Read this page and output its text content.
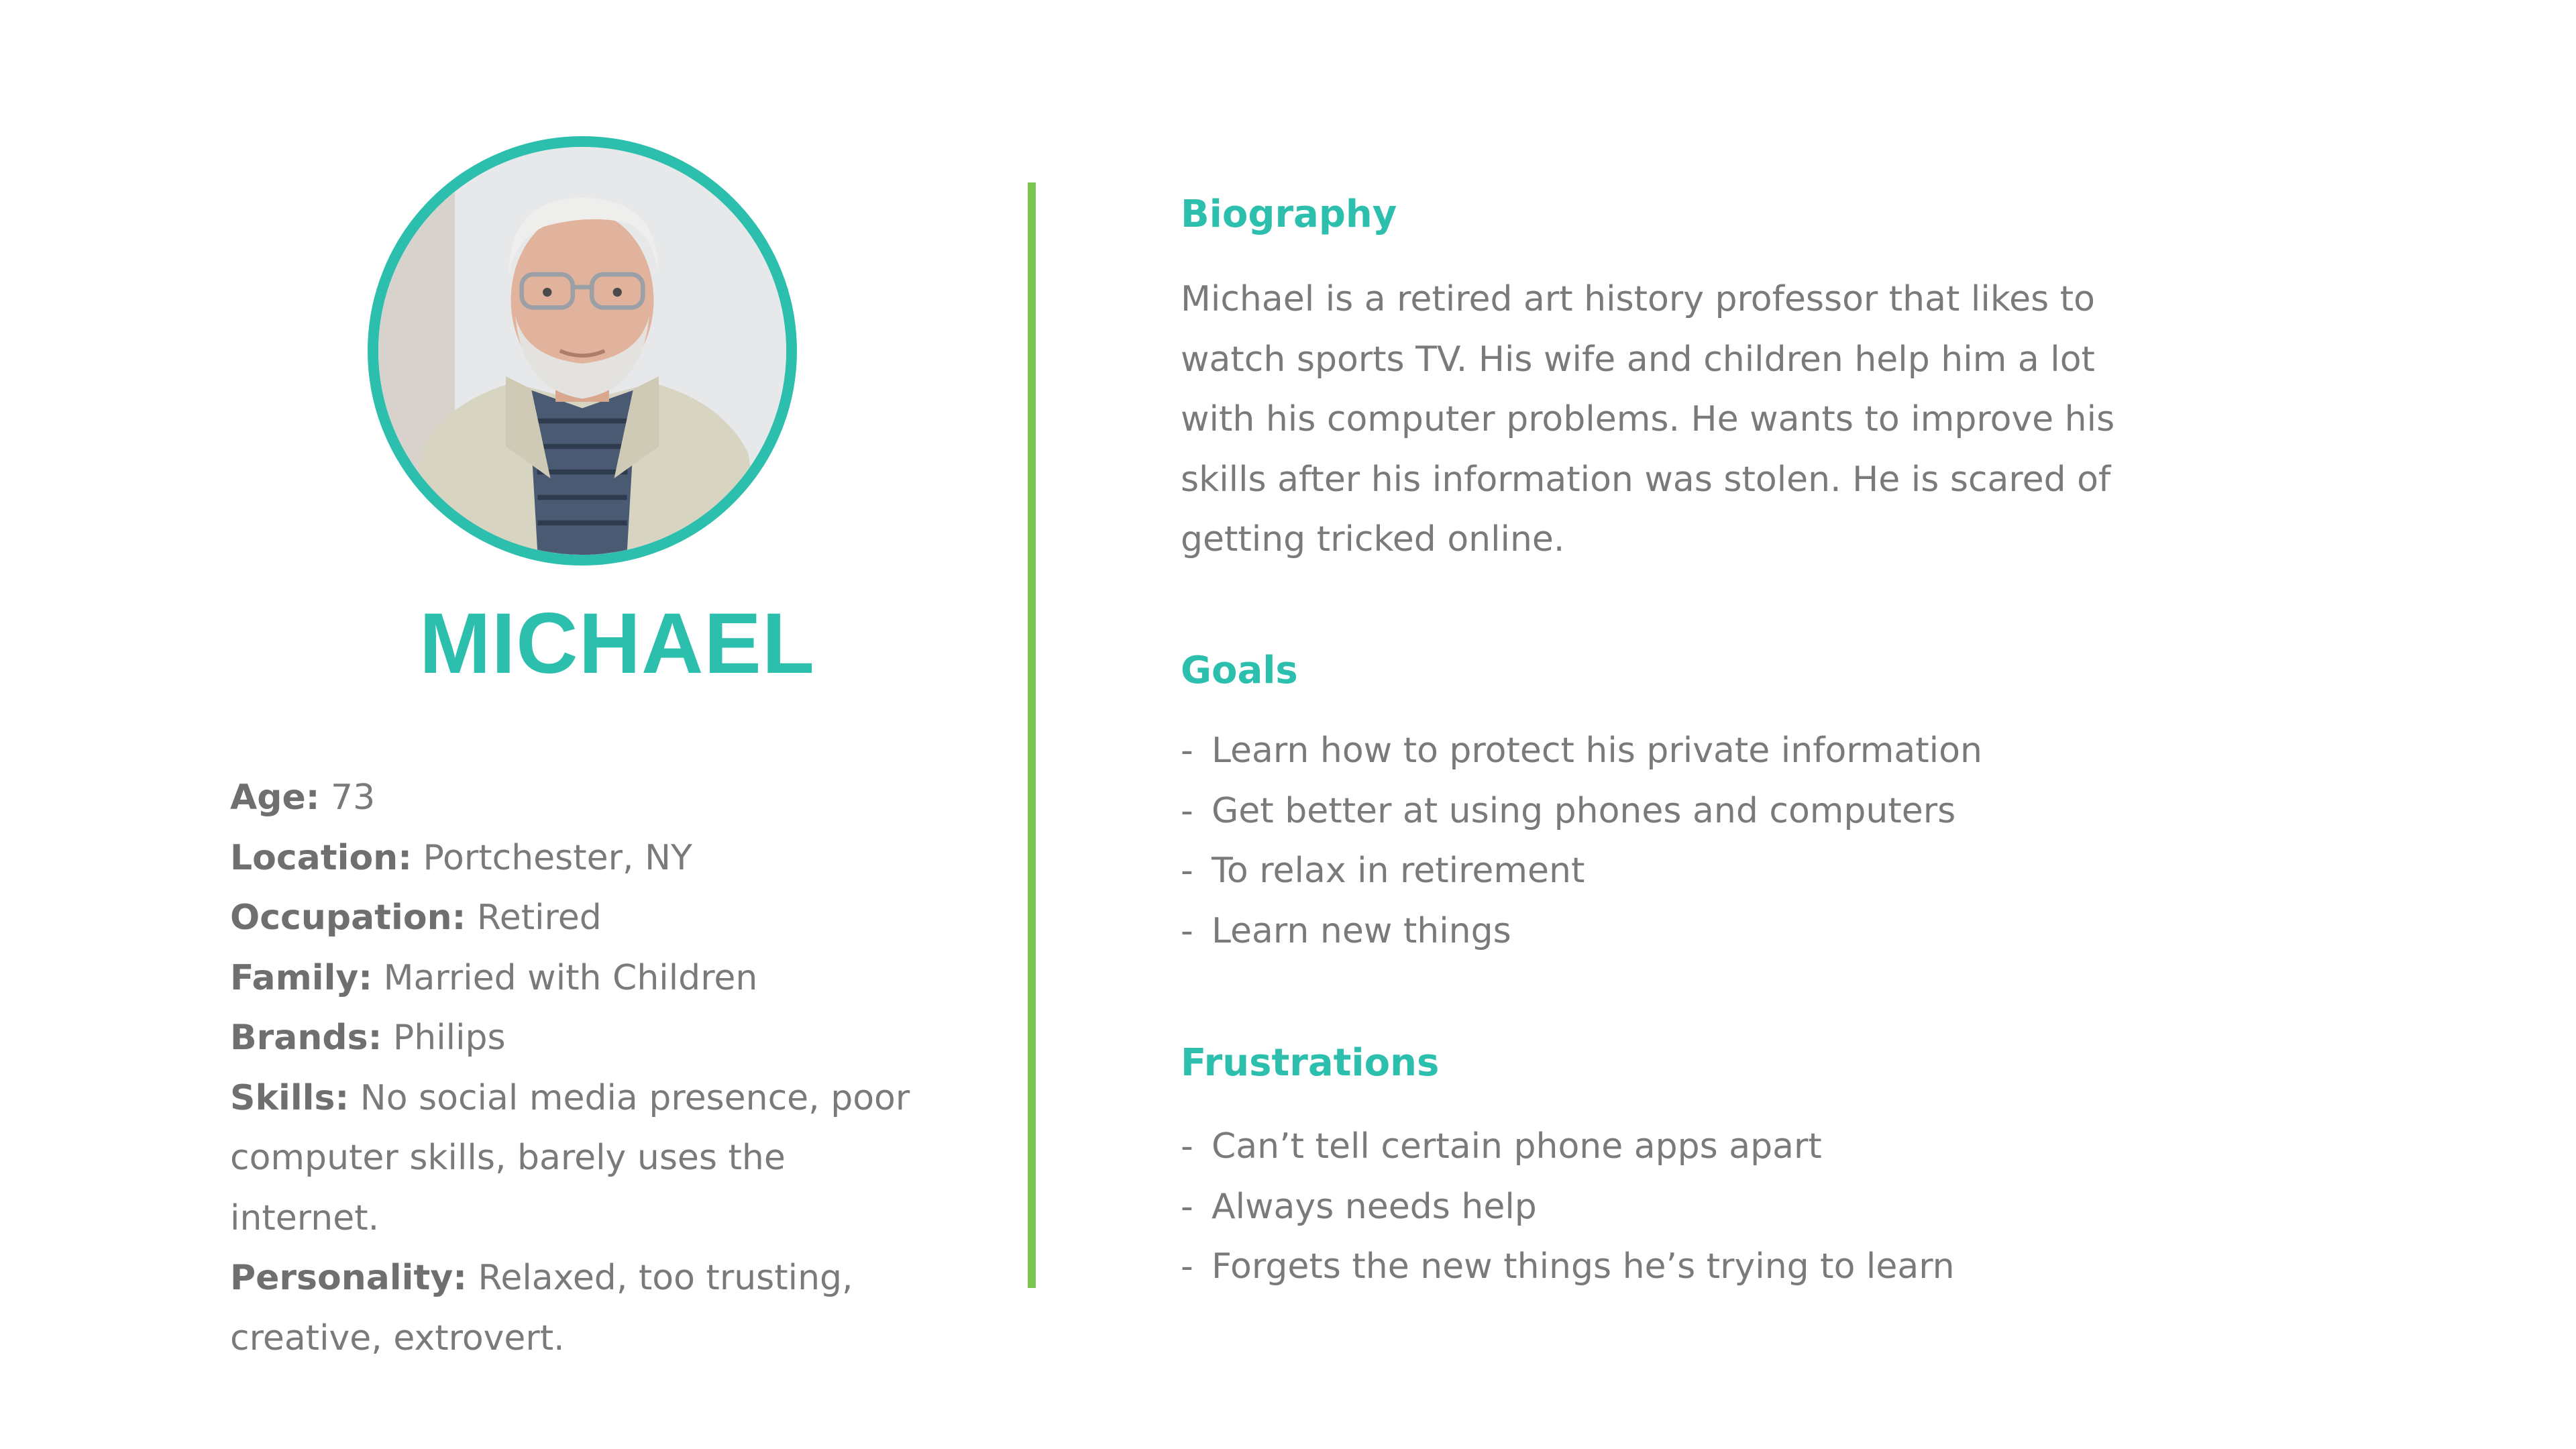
MICHAEL

Age: 73

Location: Portchester, NY

Occupation: Retired

Family: Married with Children

Brands: Philips

Skills: No social media presence, poor computer skills, barely uses the internet.

Personality: Relaxed, too trusting, creative, extrovert.

Biography
Michael is a retired art history professor that likes to watch sports TV. His wife and children help him a lot with his computer problems. He wants to improve his skills after his information was stolen. He is scared of getting tricked online.
Goals
- Learn how to protect his private information
- Get better at using phones and computers
- To relax in retirement
- Learn new things
Frustrations
- Can’t tell certain phone apps apart
- Always needs help
- Forgets the new things he’s trying to learn
